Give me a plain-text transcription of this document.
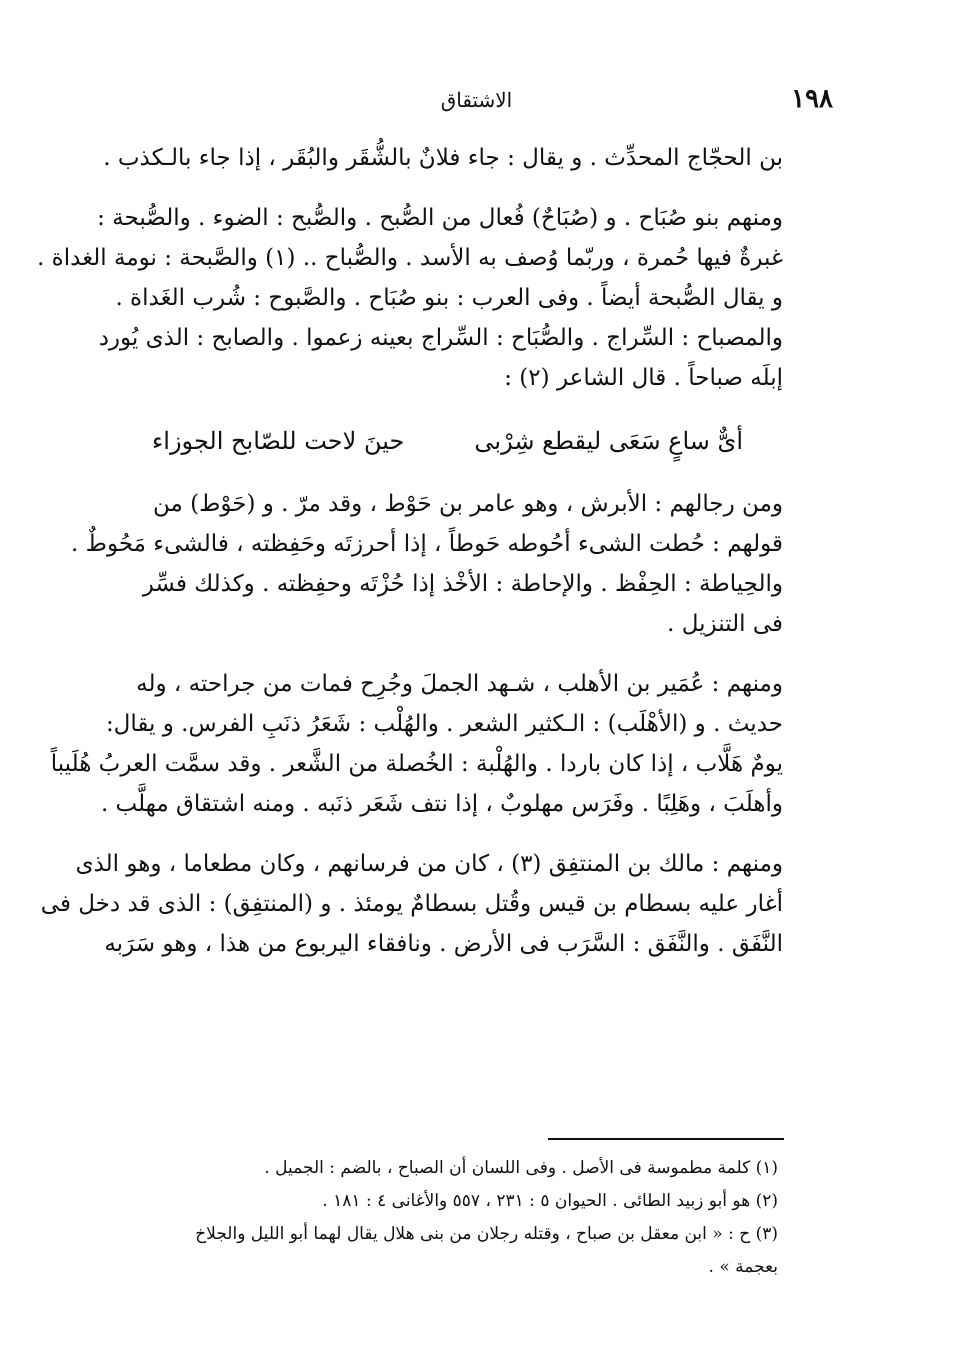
١٩٨
الاشتقاق
بن الحجّاج المحدِّث . و يقال : جاء فلانٌ بالشُّقَر والبُقَر ، إذا جاء بالـكذب .
ومنهم بنو صُبَاح . و (صُبَاحٌ) فُعال من الصُّبح . والصُّبح : الضوء . والصُّبحة :
غبرةٌ فيها حُمرة ، وربّما وُصف به الأسد . والصُّباح .. (١) والصَّبحة : نومة الغداة .
و يقال الصُّبحة أيضاً . وفى العرب : بنو صُبَاح . والصَّبوح : شُرب الغَداة .
والمصباح : السِّراج . والصُّبَاح : السِّراج بعينه زعموا . والصابح : الذى يُورد
إبلَه صباحاً . قال الشاعر (٢) :
أىٌّ ساعٍ سَعَى ليقطع شِرْبى
حينَ لاحت للصّابح الجوزاء
ومن رجالهم : الأبرش ، وهو عامر بن حَوْط ، وقد مرّ . و (حَوْط) من
قولهم : حُطت الشىء أحُوطه حَوطاً ، إذا أحرزتَه وحَفِظته ، فالشىء مَحُوطٌ .
والحِياطة : الحِفْظ . والإحاطة : الأخْذ إذا حُزْتَه وحفِظته . وكذلك فسِّر
فى التنزيل .
ومنهم : عُمَير بن الأهلب ، شـهد الجملَ وجُرِح فمات من جراحته ، وله
حديث . و (الأهْلَب) : الـكثير الشعر . والهُلْب : شَعَرُ ذنَبِ الفرس. و يقال:
يومٌ هَلَّاب ، إذا كان باردا . والهُلْبة : الخُصلة من الشَّعر . وقد سمَّت العربُ هُلَيباً
وأهلَبَ ، وهَلِبًا . وفَرَس مهلوبٌ ، إذا نتف شَعَر ذنَبه . ومنه اشتقاق مهلَّب .
ومنهم : مالك بن المنتفِق (٣) ، كان من فرسانهم ، وكان مطعاما ، وهو الذى
أغار عليه بسطام بن قيس وقُتل بسطامٌ يومئذ . و (المنتفِق) : الذى قد دخل فى
النَّفَق . والنَّفَق : السَّرَب فى الأرض . ونافقاء اليربوع من هذا ، وهو سَرَبه
(١) كلمة مطموسة فى الأصل . وفى اللسان أن الصباح ، بالضم : الجميل .
(٢) هو أبو زبيد الطائى . الحيوان ٥ : ٢٣١ ، ٥٥٧ والأغانى ٤ : ١٨١ .
(٣) ح : « ابن معقل بن صباح ، وقتله رجلان من بنى هلال يقال لهما أبو الليل والجلاخ
بعجمة » .
